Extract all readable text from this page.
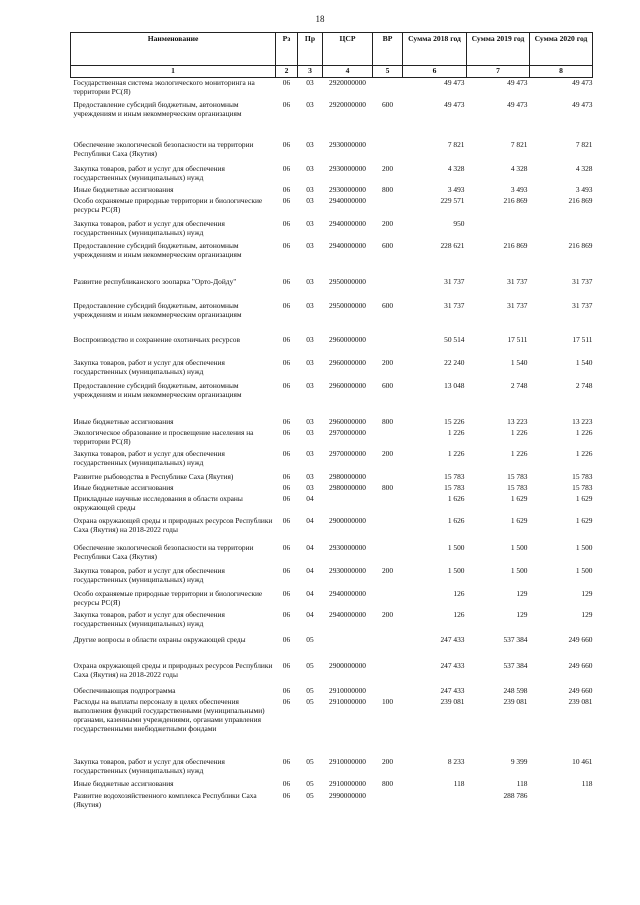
18
Наименование	Рз	Пр	ЦСР	ВР	Сумма 2018 год	Сумма 2019 год	Сумма 2020 год
1	2	3	4	5	6	7	8
Государственная система экологического мониторинга на территории РС(Я)	06	03	2920000000		49 473	49 473	49 473
Предоставление субсидий бюджетным, автономным учреждениям и иным некоммерческим организациям	06	03	2920000000	600	49 473	49 473	49 473
Обеспечение экологической безопасности на территории Республики Саха (Якутия)	06	03	2930000000		7 821	7 821	7 821
Закупка товаров, работ и услуг для обеспечения государственных (муниципальных) нужд	06	03	2930000000	200	4 328	4 328	4 328
Иные бюджетные ассигнования	06	03	2930000000	800	3 493	3 493	3 493
Особо охраняемые природные территории и биологические ресурсы РС(Я)	06	03	2940000000		229 571	216 869	216 869
Закупка товаров, работ и услуг для обеспечения государственных (муниципальных) нужд	06	03	2940000000	200	950		
Предоставление субсидий бюджетным, автономным учреждениям и иным некоммерческим организациям	06	03	2940000000	600	228 621	216 869	216 869
Развитие республиканского зоопарка "Орто-Дойду"	06	03	2950000000		31 737	31 737	31 737
Предоставление субсидий бюджетным, автономным учреждениям и иным некоммерческим организациям	06	03	2950000000	600	31 737	31 737	31 737
Воспроизводство и сохранение охотничьих ресурсов	06	03	2960000000		50 514	17 511	17 511
Закупка товаров, работ и услуг для обеспечения государственных (муниципальных) нужд	06	03	2960000000	200	22 240	1 540	1 540
Предоставление субсидий бюджетным, автономным учреждениям и иным некоммерческим организациям	06	03	2960000000	600	13 048	2 748	2 748
Иные бюджетные ассигнования	06	03	2960000000	800	15 226	13 223	13 223
Экологическое образование и просвещение населения на территории РС(Я)	06	03	2970000000		1 226	1 226	1 226
Закупка товаров, работ и услуг для обеспечения государственных (муниципальных) нужд	06	03	2970000000	200	1 226	1 226	1 226
Развитие рыбоводства в Республике Саха (Якутия)	06	03	2980000000		15 783	15 783	15 783
Иные бюджетные ассигнования	06	03	2980000000	800	15 783	15 783	15 783
Прикладные научные исследования в области охраны окружающей среды	06	04			1 626	1 629	1 629
Охрана окружающей среды и природных ресурсов Республики Саха (Якутия) на 2018-2022 годы	06	04	2900000000		1 626	1 629	1 629
Обеспечение экологической безопасности на территории Республики Саха (Якутия)	06	04	2930000000		1 500	1 500	1 500
Закупка товаров, работ и услуг для обеспечения государственных (муниципальных) нужд	06	04	2930000000	200	1 500	1 500	1 500
Особо охраняемые природные территории и биологические ресурсы РС(Я)	06	04	2940000000		126	129	129
Закупка товаров, работ и услуг для обеспечения государственных (муниципальных) нужд	06	04	2940000000	200	126	129	129
Другие вопросы в области охраны окружающей среды	06	05			247 433	537 384	249 660
Охрана окружающей среды и природных ресурсов Республики Саха (Якутия) на 2018-2022 годы	06	05	2900000000		247 433	537 384	249 660
Обеспечивающая подпрограмма	06	05	2910000000		247 433	248 598	249 660
Расходы на выплаты персоналу в целях обеспечения выполнения функций государственными (муниципальными) органами, казенными учреждениями, органами управления государственными внебюджетными фондами	06	05	2910000000	100	239 081	239 081	239 081
Закупка товаров, работ и услуг для обеспечения государственных (муниципальных) нужд	06	05	2910000000	200	8 233	9 399	10 461
Иные бюджетные ассигнования	06	05	2910000000	800	118	118	118
Развитие водохозяйственного комплекса Республики Саха (Якутия)	06	05	2990000000			288 786	
